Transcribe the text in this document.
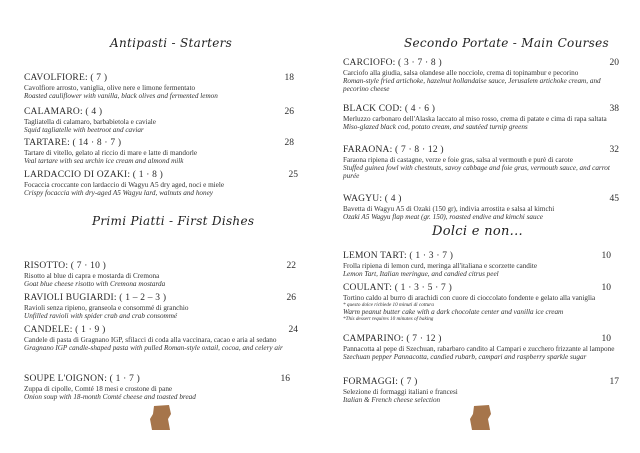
Antipasti - Starters
CAVOLFIORE: ( 7 )	18

Cavolfiore arrosto, vaniglia, olive nere e limone fermentato

Roasted cauliflower with vanilla, black olives and fermented lemon

CALAMARO: ( 4 )	26

Tagliatella di calamaro, barbabietola e caviale

Squid tagliatelle with beetroot and caviar

TARTARE: ( 14 · 8 · 7 )	28

Tartare di vitello, gelato al riccio di mare e latte di mandorle

Veal tartare with sea urchin ice cream and almond milk

LARDACCIO DI OZAKI: ( 1 · 8 )	25

Focaccia croccante con lardaccio di Wagyu A5 dry aged, noci e miele

Crispy focaccia with dry-aged A5 Wagyu lard, walnuts and honey

Primi Piatti - First Dishes
RISOTTO: ( 7 · 10 )	22

Risotto al blue di capra e mostarda di Cremona

Goat blue cheese risotto with Cremona mostarda

RAVIOLI BUGIARDI: ( 1 – 2 – 3 )	26

Ravioli senza ripieno, granseola e consommé di granchio

Unfilled ravioli with spider crab and crab consommé

CANDELE: ( 1 · 9 )	24

Candele di pasta di Gragnano IGP, sfilacci di coda alla vaccinara, cacao e aria al sedano

Gragnano IGP candle-shaped pasta with pulled Roman-style oxtail, cocoa, and celery air

SOUPE L'OIGNON: ( 1 · 7 )	16

Zuppa di cipolle, Comté 18 mesi e crostone di pane

Onion soup with 18-month Comté cheese and toasted bread

Secondo Portate - Main Courses
CARCIOFO: ( 3 · 7 · 8 )	20

Carciofo alla giudia, salsa olandese alle nocciole, crema di topinambur e pecorino

Roman-style fried artichoke, hazelnut hollandaise sauce, Jerusalem artichoke cream, and pecorino cheese

BLACK COD: ( 4 · 6 )	38

Merluzzo carbonaro dell'Alaska laccato al miso rosso, crema di patate e cima di rapa saltata

Miso-glazed black cod, potato cream, and sautéed turnip greens

FARAONA: ( 7 · 8 · 12 )	32

Faraona ripiena di castagne, verze e foie gras, salsa al vermouth e purè di carote

Stuffed guinea fowl with chestnuts, savoy cabbage and foie gras, vermouth sauce, and carrot purée

WAGYU: ( 4 )	45

Bavetta di Wagyu A5 di Ozaki (150 gr), indivia arrostita e salsa al kimchi

Ozaki A5 Wagyu flap meat (gr. 150), roasted endive and kimchi sauce

Dolci e non...
LEMON TART: ( 1 · 3 · 7 )	10

Frolla ripiena di lemon curd, meringa all'italiana e scorzette candite

Lemon Tart, Italian meringue, and candied citrus peel

COULANT: ( 1 · 3 · 5 · 7 )	10

Tortino caldo al burro di arachidi con cuore di cioccolato fondente e gelato alla vaniglia

* questo dolce richiede 10 minuti di cottura

Warm peanut butter cake with a dark chocolate center and vanilla ice cream

*This dessert requires 10 minutes of baking

CAMPARINO: ( 7 · 12 )	10

Pannacotta al pepe di Szechuan, rabarbaro candito al Campari e zucchero frizzante al lampone

Szechuan pepper Pannacotta, candied rubarb, campari and raspberry sparkle sugar

FORMAGGI: ( 7 )	17

Selezione di formaggi italiani e francesi

Italian & French cheese selection
